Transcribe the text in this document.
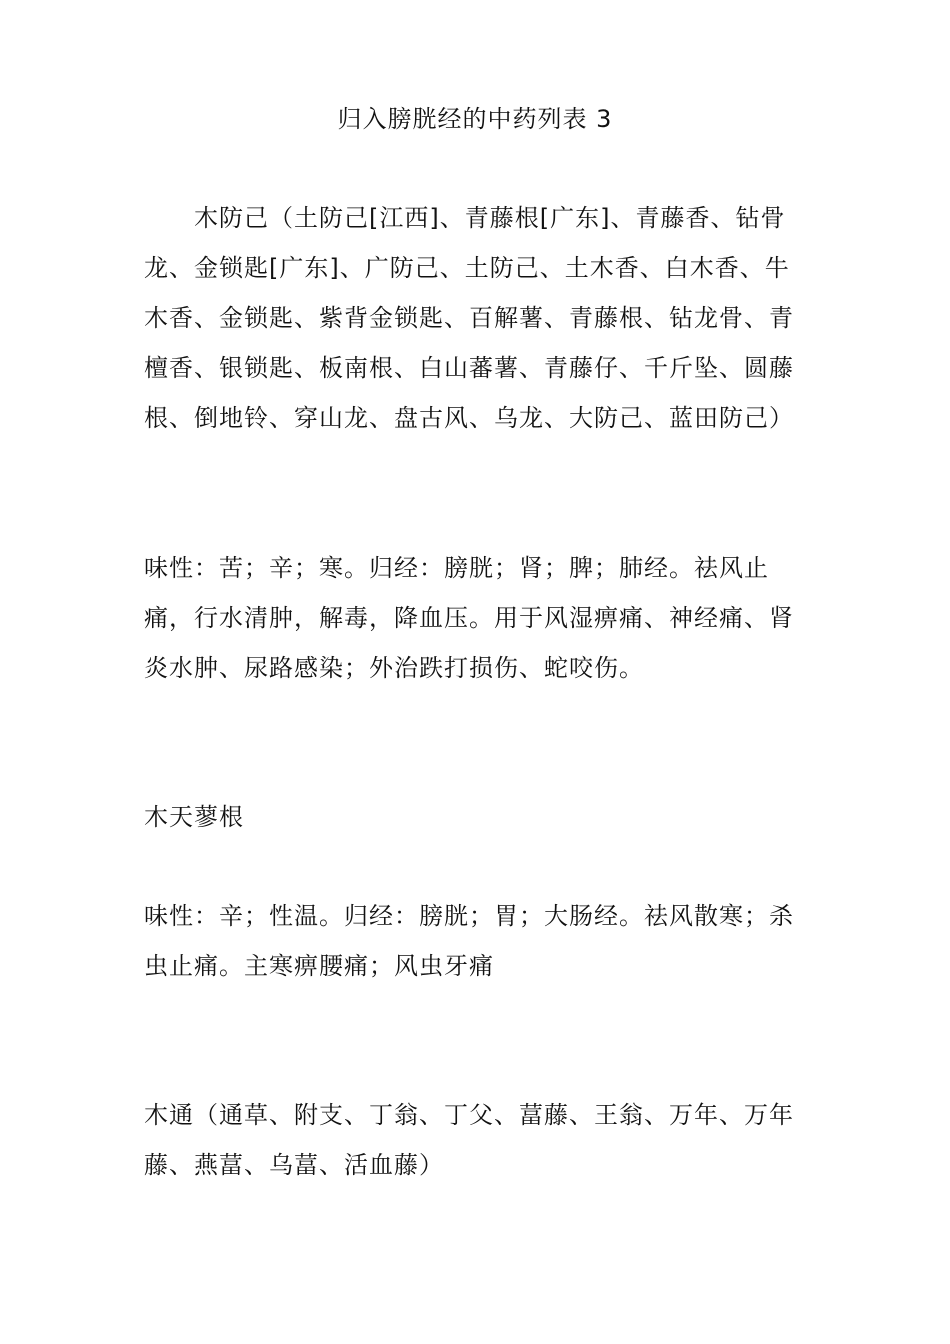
归入膀胱经的中药列表 3
木防己（土防己[江西]、青藤根[广东]、青藤香、钻骨龙、金锁匙[广东]、广防己、土防己、土木香、白木香、牛木香、金锁匙、紫背金锁匙、百解薯、青藤根、钻龙骨、青檀香、银锁匙、板南根、白山蕃薯、青藤仔、千斤坠、圆藤根、倒地铃、穿山龙、盘古风、乌龙、大防己、蓝田防己）
味性：苦；辛；寒。归经：膀胱；肾；脾；肺经。祛风止痛，行水清肿，解毒，降血压。用于风湿痹痛、神经痛、肾炎水肿、尿路感染；外治跌打损伤、蛇咬伤。
木天蓼根
味性：辛；性温。归经：膀胱；胃；大肠经。祛风散寒；杀虫止痛。主寒痹腰痛；风虫牙痛
木通（通草、附支、丁翁、丁父、葍藤、王翁、万年、万年藤、燕葍、乌葍、活血藤）
